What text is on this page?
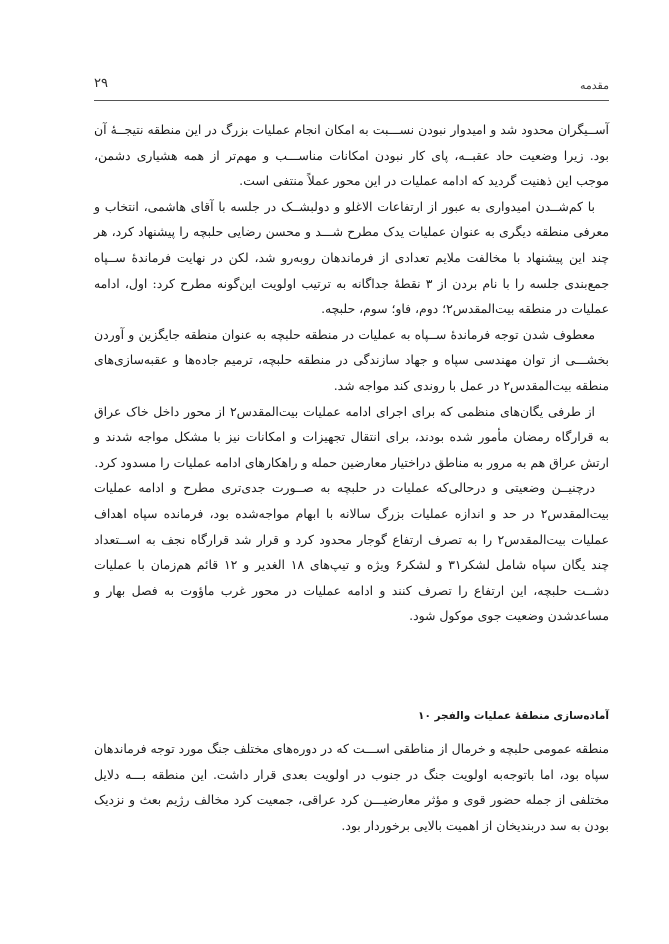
مقدمه
۲۹

آســیگران محدود شد و امیدوار نبودن نســـبت به امکان انجام عملیات بزرگ در این منطقه نتیجــهٔ آن بود. زیرا وضعیت حاد عقبــه، پای کار نبودن امکانات مناســـب و مهم‌تر از همه هشیاری دشمن، موجب این ذهنیت گردید که ادامه عملیات در این محور عملاً منتفی است.

با کم‌شــدن امیدواری به عبور از ارتفاعات الاغلو و دولبشــک در جلسه با آقای هاشمی، انتخاب و معرفی منطقه دیگری به عنوان عملیات یدک مطرح شـــد و محسن رضایی حلبچه را پیشنهاد کرد، هر چند این پیشنهاد با مخالفت ملایم تعدادی از فرماندهان روبه‌رو شد، لکن در نهایت فرماندهٔ ســپاه جمع‌بندی جلسه را با نام بردن از ۳ نقطهٔ جداگانه به ترتیب اولویت این‌گونه مطرح کرد: اول، ادامه عملیات در منطقه بیت‌المقدس۲؛ دوم، فاو؛ سوم، حلبچه.

معطوف شدن توجه فرماندهٔ ســپاه به عملیات در منطقه حلبچه به عنوان منطقه جایگزین و آوردن بخشـــی از توان مهندسی سپاه و جهاد سازندگی در منطقه حلبچه، ترمیم جاده‌ها و عقبه‌سازی‌های منطقه بیت‌المقدس۲ در عمل با روندی کند مواجه شد.

از طرفی یگان‌های منظمی که برای اجرای ادامه عملیات بیت‌المقدس۲ از محور داخل خاک عراق به قرارگاه رمضان مأمور شده بودند، برای انتقال تجهیزات و امکانات نیز با مشکل مواجه شدند و ارتش عراق هم به مرور به مناطق دراختیار معارضین حمله و راهکارهای ادامه عملیات را مسدود کرد.

درچنیــن وضعیتی و درحالی‌که عملیات در حلبچه به صــورت جدی‌تری مطرح و ادامه عملیات بیت‌المقدس۲ در حد و اندازه عملیات بزرگ سالانه با ابهام مواجه‌شده بود، فرمانده سپاه اهداف عملیات بیت‌المقدس۲ را به تصرف ارتفاع گوجار محدود کرد و قرار شد قرارگاه نجف به اســتعداد چند یگان سپاه شامل لشکر۳۱ و لشکر۶ ویژه و تیپ‌های ۱۸ الغدیر و ۱۲ قائم هم‌زمان با عملیات دشــت حلبچه، این ارتفاع را تصرف کنند و ادامه عملیات در محور غرب ماؤوت به فصل بهار و مساعدشدن وضعیت جوی موکول شود.

آماده‌سازی منطقهٔ عملیات والفجر ۱۰

منطقه عمومی حلبچه و خرمال از مناطقی اســـت که در دوره‌های مختلف جنگ مورد توجه فرماندهان سپاه بود، اما باتوجه‌به اولویت جنگ در جنوب در اولویت بعدی قرار داشت. این منطقه بـــه دلایل مختلفی از جمله حضور قوی و مؤثر معارضیـــن کرد عراقی، جمعیت کرد مخالف رژیم بعث و نزدیک بودن به سد دربندیخان از اهمیت بالایی برخوردار بود.
